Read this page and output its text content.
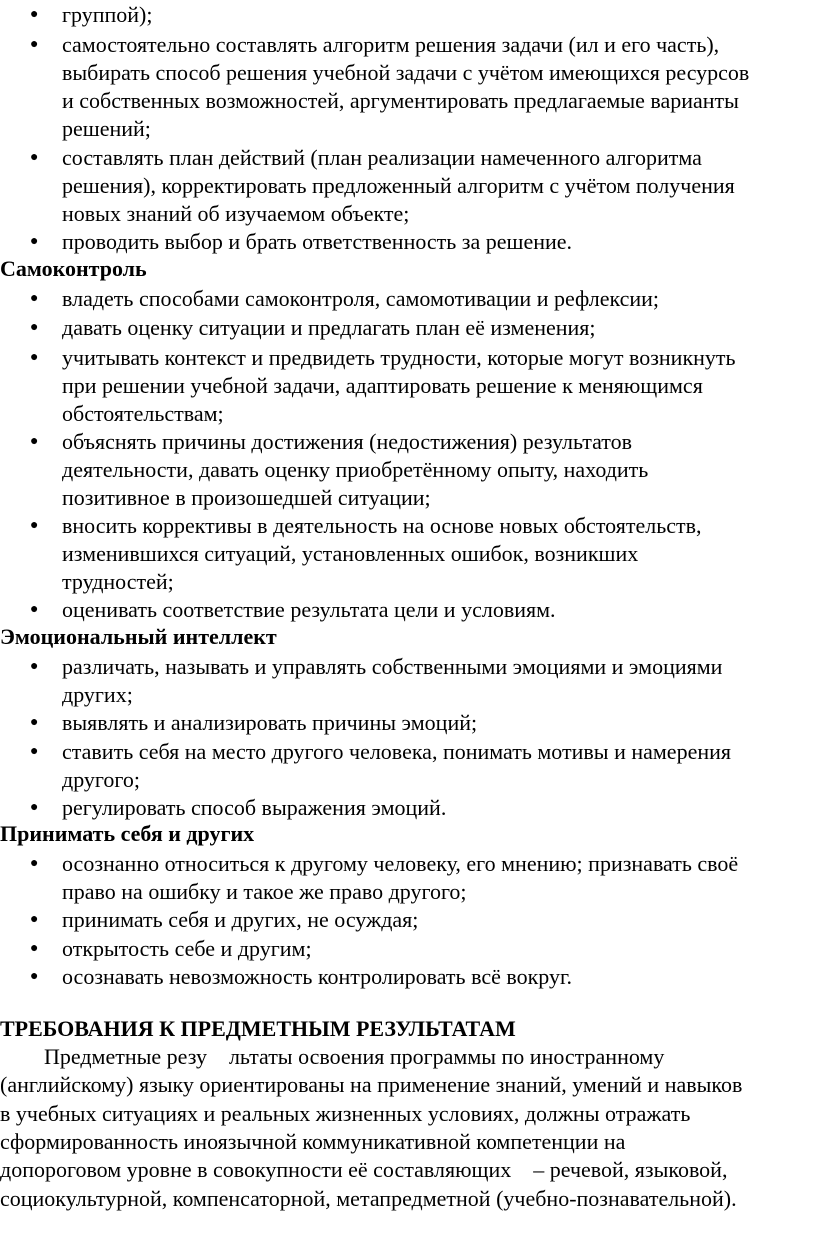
● группой);
● самостоятельно составлять алгоритм решения задачи (ил и его часть),
выбирать способ решения учебной задачи с учётом имеющихся ресурсов
и собственных возможностей, аргументировать предлагаемые варианты
решений;
● составлять план действий (план реализации намеченного алгоритма
решения), корректировать предложенный алгоритм с учётом получения
новых знаний об изучаемом объекте;
● проводить выбор и брать ответственность за решение.
Самоконтроль
● владеть способами самоконтроля, самомотивации и рефлексии;
● давать оценку ситуации и предлагать план её изменения;
● учитывать контекст и предвидеть трудности, которые могут возникнуть
при решении учебной задачи, адаптировать решение к меняющимся
обстоятельствам;
● объяснять причины достижения (недостижения) результатов
деятельности, давать оценку приобретённому опыту, находить
позитивное в произошедшей ситуации;
● вносить коррективы в деятельность на основе новых обстоятельств,
изменившихся ситуаций, установленных ошибок, возникших
трудностей;
● оценивать соответствие результата цели и условиям.
Эмоциональный интеллект
● различать, называть и управлять собственными эмоциями и эмоциями
других;
● выявлять и анализировать причины эмоций;
● ставить себя на место другого человека, понимать мотивы и намерения
другого;
● регулировать способ выражения эмоций.
Принимать себя и других
● осознанно относиться к другому человеку, его мнению; признавать своё
право на ошибку и такое же право другого;
● принимать себя и других, не осуждая;
● открытость себе и другим;
● осознавать невозможность контролировать всё вокруг.
ТРЕБОВАНИЯ К ПРЕДМЕТНЫМ РЕЗУЛЬТАТАМ
Предметные резу    льтаты освоения программы по иностранному
(английскому) языку ориентированы на применение знаний, умений и навыков
в учебных ситуациях и реальных жизненных условиях, должны отражать
сформированность иноязычной коммуникативной компетенции на
допороговом уровне в совокупности её составляющих    – речевой, языковой,
социокультурной, компенсаторной, метапредметной (учебно-познавательной).
